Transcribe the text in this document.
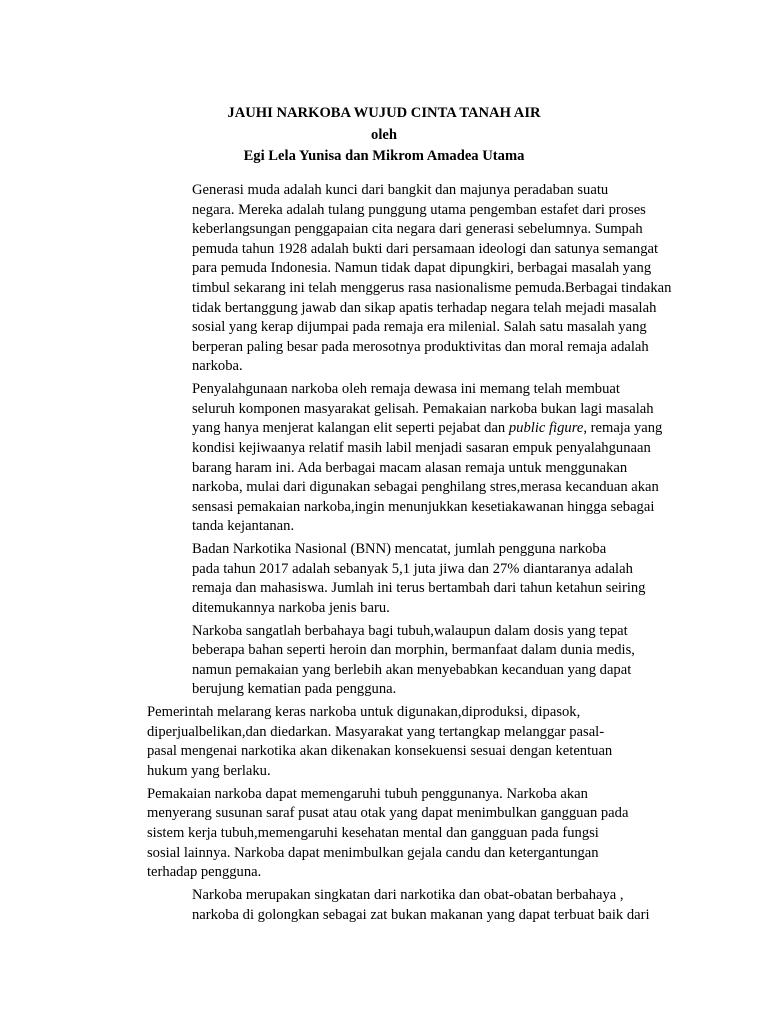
JAUHI NARKOBA WUJUD CINTA TANAH AIR
oleh
Egi Lela Yunisa dan Mikrom Amadea Utama

Generasi muda adalah kunci dari bangkit dan majunya peradaban suatu
negara. Mereka adalah tulang punggung utama pengemban estafet dari proses
keberlangsungan penggapaian cita negara dari generasi sebelumnya. Sumpah
pemuda tahun 1928 adalah bukti dari persamaan ideologi dan satunya semangat
para pemuda Indonesia. Namun tidak dapat dipungkiri, berbagai masalah yang
timbul sekarang ini telah menggerus rasa nasionalisme pemuda.Berbagai tindakan
tidak bertanggung jawab dan sikap apatis terhadap negara telah mejadi masalah
sosial yang kerap dijumpai pada remaja era milenial. Salah satu masalah yang
berperan paling besar pada merosotnya produktivitas dan moral remaja adalah
narkoba.

Penyalahgunaan narkoba oleh remaja dewasa ini memang telah membuat
seluruh komponen masyarakat gelisah. Pemakaian narkoba bukan lagi masalah
yang hanya menjerat kalangan elit seperti pejabat dan public figure, remaja yang
kondisi kejiwaanya relatif masih labil menjadi sasaran empuk penyalahgunaan
barang haram ini. Ada berbagai macam alasan remaja untuk menggunakan
narkoba, mulai dari digunakan sebagai penghilang stres,merasa kecanduan akan
sensasi pemakaian narkoba,ingin menunjukkan kesetiakawanan hingga sebagai
tanda kejantanan.

Badan Narkotika Nasional (BNN) mencatat, jumlah pengguna narkoba
pada tahun 2017 adalah sebanyak 5,1 juta jiwa dan 27% diantaranya adalah
remaja dan mahasiswa. Jumlah ini terus bertambah dari tahun ketahun seiring
ditemukannya narkoba jenis baru.

Narkoba sangatlah berbahaya bagi tubuh,walaupun dalam dosis yang tepat
beberapa bahan seperti heroin dan morphin, bermanfaat dalam dunia medis,
namun pemakaian yang berlebih akan menyebabkan kecanduan yang dapat
berujung kematian pada pengguna.

Pemerintah melarang keras narkoba untuk digunakan,diproduksi, dipasok,
diperjualbelikan,dan diedarkan. Masyarakat yang tertangkap melanggar pasal-
pasal mengenai narkotika akan dikenakan konsekuensi sesuai dengan ketentuan
hukum yang berlaku.

Pemakaian narkoba dapat memengaruhi tubuh penggunanya. Narkoba akan
menyerang susunan saraf pusat atau otak yang dapat menimbulkan gangguan pada
sistem kerja tubuh,memengaruhi kesehatan mental dan gangguan pada fungsi
sosial lainnya. Narkoba dapat menimbulkan gejala candu dan ketergantungan
terhadap pengguna.

Narkoba merupakan singkatan dari narkotika dan obat-obatan berbahaya ,
narkoba di golongkan sebagai zat bukan makanan yang dapat terbuat baik dari
